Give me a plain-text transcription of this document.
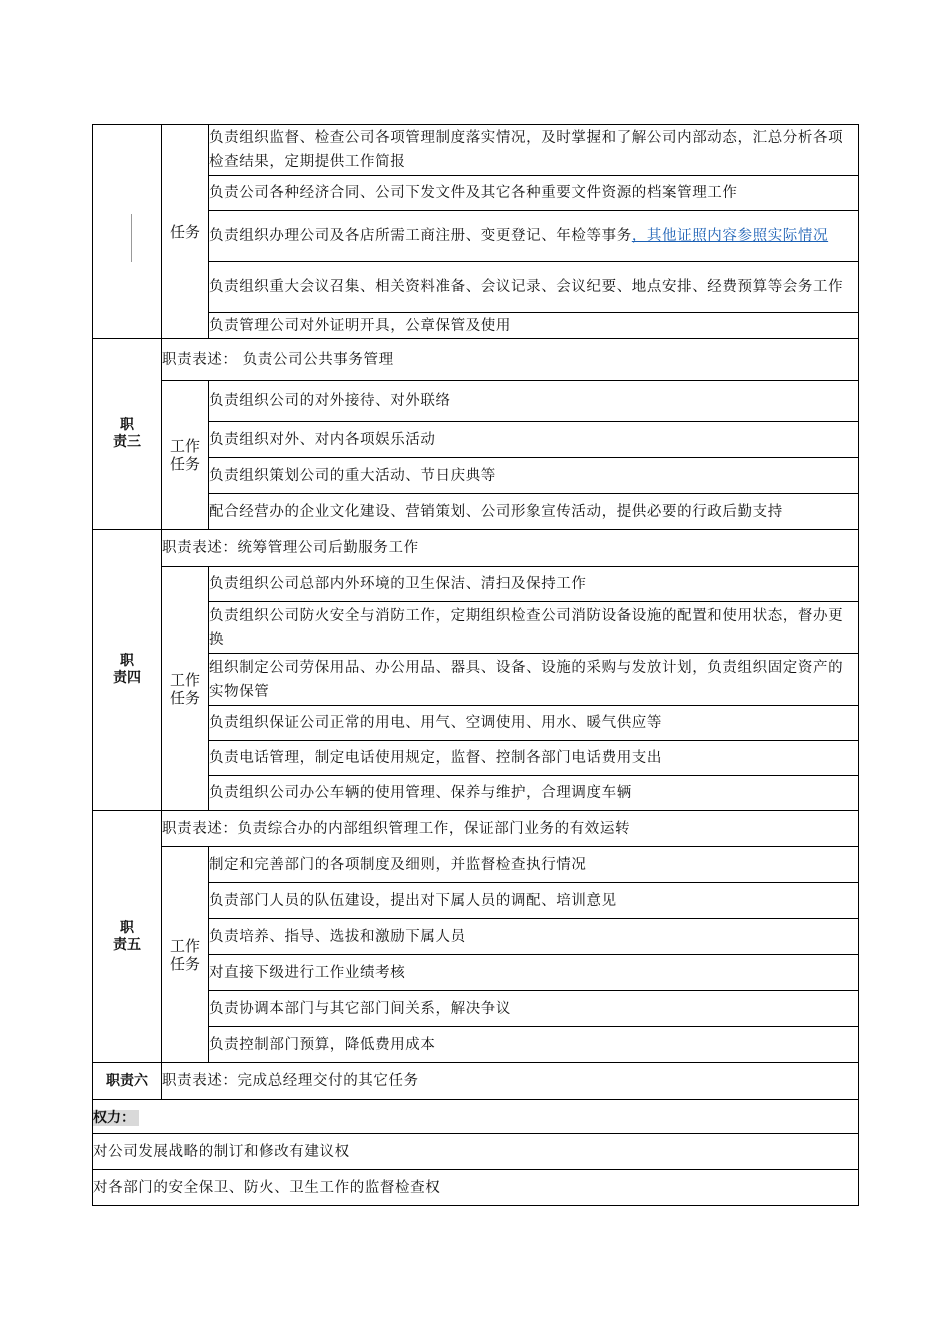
	任务	负责组织监督、检查公司各项管理制度落实情况，及时掌握和了解公司内部动态，汇总分析各项检查结果，定期提供工作简报
		负责公司各种经济合同、公司下发文件及其它各种重要文件资源的档案管理工作
		负责组织办理公司及各店所需工商注册、变更登记、年检等事务，其他证照内容参照实际情况
		负责组织重大会议召集、相关资料准备、会议记录、会议纪要、地点安排、经费预算等会务工作
		负责管理公司对外证明开具，公章保管及使用

职
责三	职责表述： 负责公司公共事务管理	

	工作
任务	负责组织公司的对外接待、对外联络
		负责组织对外、对内各项娱乐活动
		负责组织策划公司的重大活动、节日庆典等
		配合经营办的企业文化建设、营销策划、公司形象宣传活动，提供必要的行政后勤支持

职
责四	职责表述：统筹管理公司后勤服务工作	

	工作
任务	负责组织公司总部内外环境的卫生保洁、清扫及保持工作
		负责组织公司防火安全与消防工作，定期组织检查公司消防设备设施的配置和使用状态，督办更换
		组织制定公司劳保用品、办公用品、器具、设备、设施的采购与发放计划，负责组织固定资产的实物保管
		负责组织保证公司正常的用电、用气、空调使用、用水、暖气供应等
		负责电话管理，制定电话使用规定，监督、控制各部门电话费用支出
		负责组织公司办公车辆的使用管理、保养与维护，合理调度车辆

职
责五	职责表述：负责综合办的内部组织管理工作，保证部门业务的有效运转	

	工作
任务	制定和完善部门的各项制度及细则，并监督检查执行情况
		负责部门人员的队伍建设，提出对下属人员的调配、培训意见
		负责培养、指导、选拔和激励下属人员
		对直接下级进行工作业绩考核
		负责协调本部门与其它部门间关系，解决争议
		负责控制部门预算，降低费用成本
职责六	职责表述：完成总经理交付的其它任务	
权力：		
对公司发展战略的制订和修改有建议权		
对各部门的安全保卫、防火、卫生工作的监督检查权		
